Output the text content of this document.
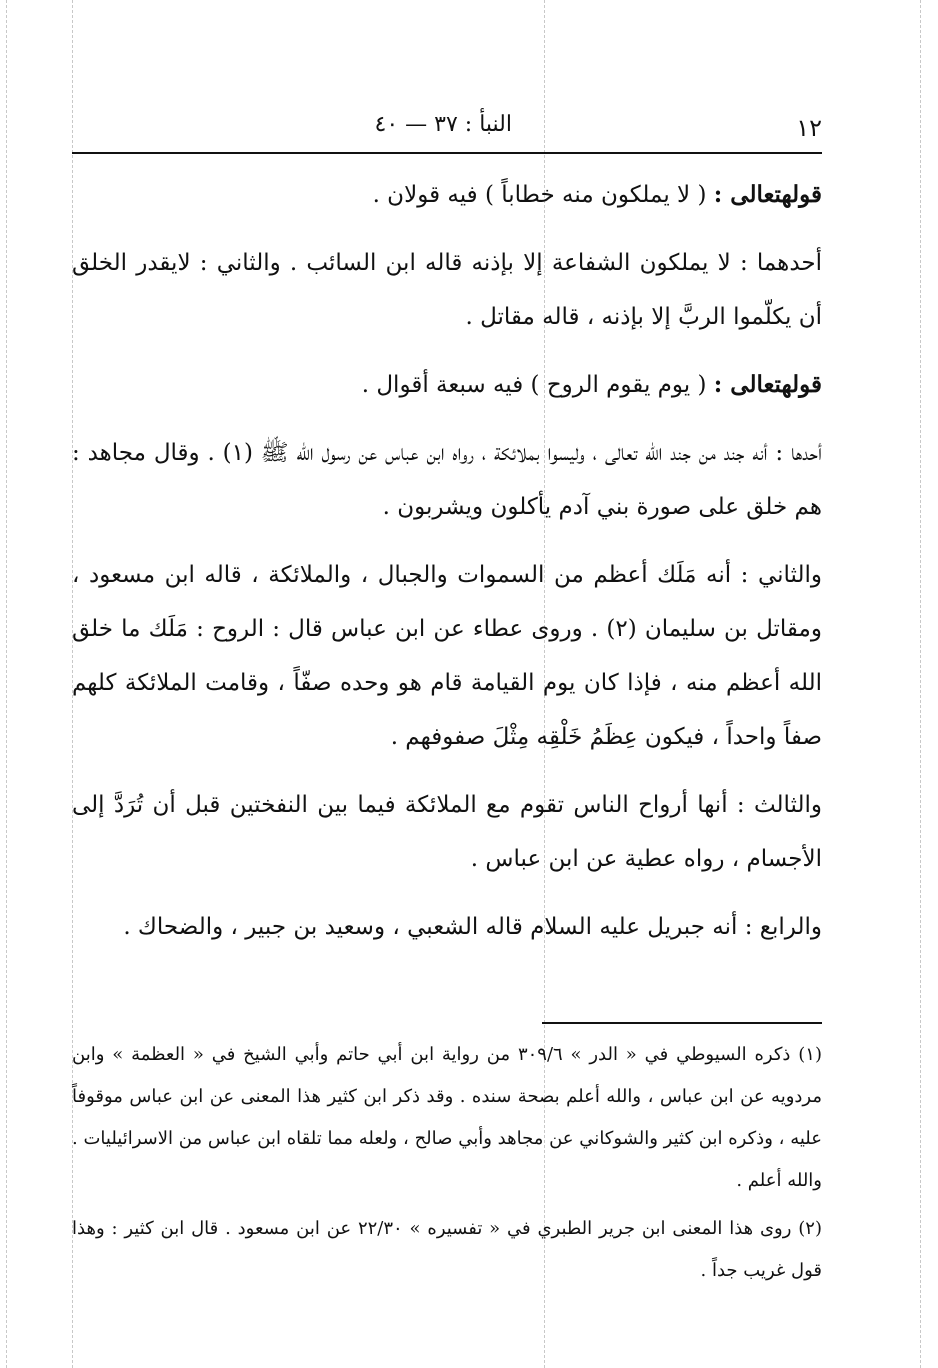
١٢
النبأ : ٣٧ — ٤٠

قولهتعالى : ( لا يملكون منه خطاباً ) فيه قولان .

أحدهما : لا يملكون الشفاعة إلا بإذنه قاله ابن السائب . والثاني : لايقدر الخلق أن يكلّموا الربَّ إلا بإذنه ، قاله مقاتل .

قولهتعالى : ( يوم يقوم الروح ) فيه سبعة أقوال .

أحدها : أنه جند من جند الله تعالى ، وليسوا بملائكة ، رواه ابن عباس عن رسول الله ﷺ (١) . وقال مجاهد : هم خلق على صورة بني آدم يأكلون ويشربون .

والثاني : أنه مَلَك أعظم من السموات والجبال ، والملائكة ، قاله ابن مسعود ، ومقاتل بن سليمان (٢) . وروى عطاء عن ابن عباس قال : الروح : مَلَك ما خلق الله أعظم منه ، فإذا كان يوم القيامة قام هو وحده صفّاً ، وقامت الملائكة كلهم صفاً واحداً ، فيكون عِظَمُ خَلْقِه مِثْلَ صفوفهم .

والثالث : أنها أرواح الناس تقوم مع الملائكة فيما بين النفختين قبل أن تُرَدَّ إلى الأجسام ، رواه عطية عن ابن عباس .

والرابع : أنه جبريل عليه السلام قاله الشعبي ، وسعيد بن جبير ، والضحاك .

(١) ذكره السيوطي في « الدر » ٣٠٩/٦ من رواية ابن أبي حاتم وأبي الشيخ في « العظمة » وابن مردويه عن ابن عباس ، والله أعلم بصحة سنده . وقد ذكر ابن كثير هذا المعنى عن ابن عباس موقوفاً عليه ، وذكره ابن كثير والشوكاني عن مجاهد وأبي صالح ، ولعله مما تلقاه ابن عباس من الاسرائيليات . والله أعلم .

(٢) روى هذا المعنى ابن جرير الطبري في « تفسيره » ٢٢/٣٠ عن ابن مسعود . قال ابن كثير : وهذا قول غريب جداً .
